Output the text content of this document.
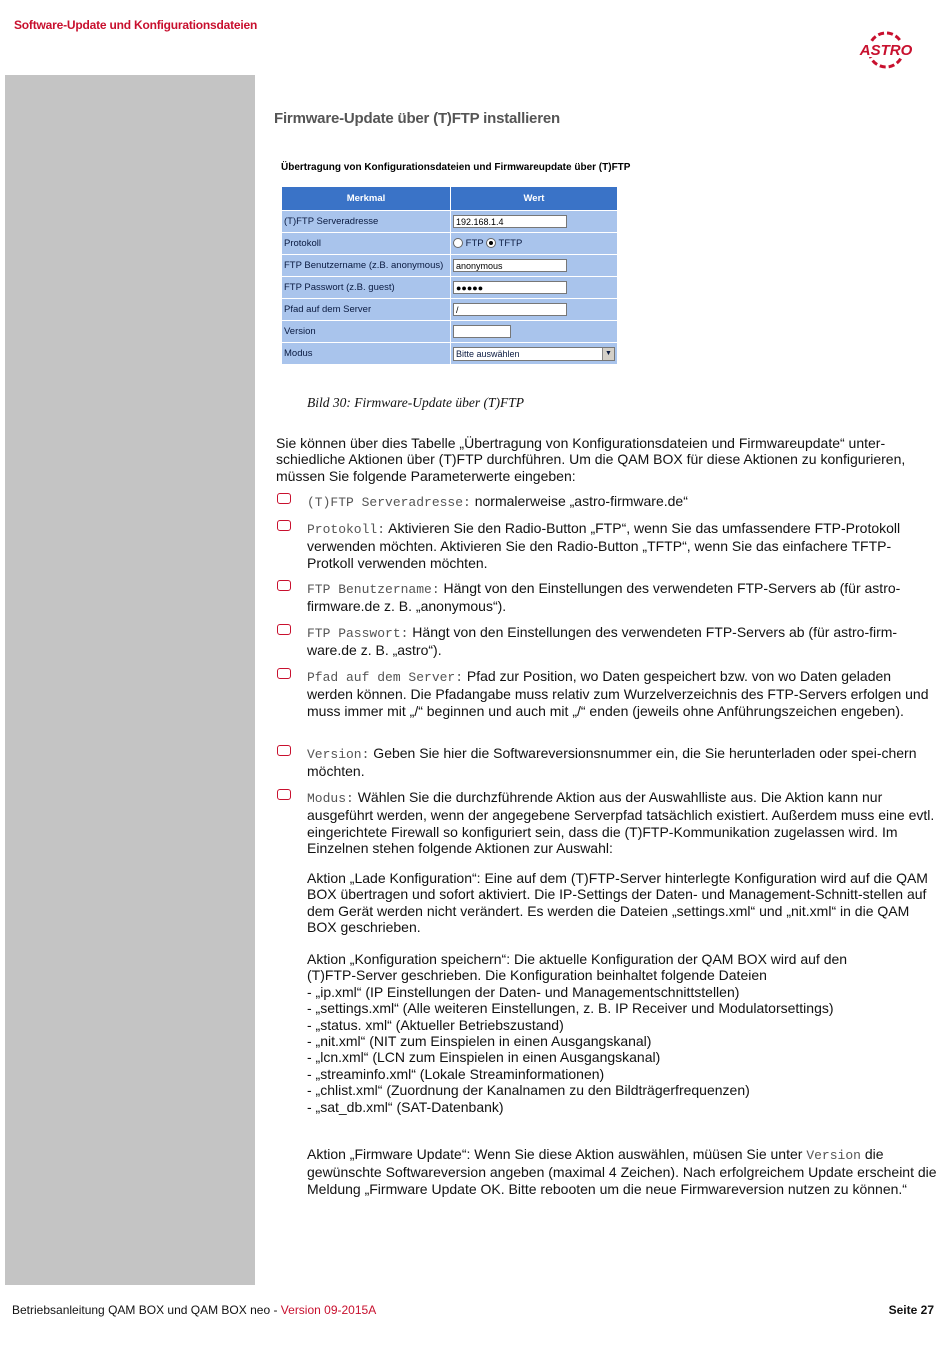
Software-Update und Konfigurationsdateien
ASTRO
Firmware-Update über (T)FTP installieren
Übertragung von Konfigurationsdateien und Firmwareupdate über (T)FTP
Merkmal	Wert
(T)FTP Serveradresse	192.168.1.4

Protokoll	FTP TFTP
FTP Benutzername (z.B. anonymous)	anonymous

FTP Passwort (z.B. guest)	●●●●●

Pfad auf dem Server	/

Version	

Modus	Bitte auswählen ▼
Bild 30: Firmware-Update über (T)FTP
Sie können über dies Tabelle „Übertragung von Konfigurationsdateien und Firmwareupdate“ unter-schiedliche Aktionen über (T)FTP durchführen. Um die QAM BOX für diese Aktionen zu konfigurieren, müssen Sie folgende Parameterwerte eingeben:
(T)FTP Serveradresse: normalerweise „astro-firmware.de“
Protokoll: Aktivieren Sie den Radio-Button „FTP“, wenn Sie das umfassendere FTP-Protokoll verwenden möchten. Aktivieren Sie den Radio-Button „TFTP“, wenn Sie das einfachere TFTP-Protkoll verwenden möchten.
FTP Benutzername: Hängt von den Einstellungen des verwendeten FTP-Servers ab (für astro-firmware.de z. B. „anonymous“).
FTP Passwort: Hängt von den Einstellungen des verwendeten FTP-Servers ab (für astro-firm-ware.de z. B. „astro“).
Pfad auf dem Server: Pfad zur Position, wo Daten gespeichert bzw. von wo Daten geladen werden können. Die Pfadangabe muss relativ zum Wurzelverzeichnis des FTP-Servers erfolgen und muss immer mit „/“ beginnen und auch mit „/“ enden (jeweils ohne Anführungszeichen engeben).
Version: Geben Sie hier die Softwareversionsnummer ein, die Sie herunterladen oder spei-chern möchten.
Modus: Wählen Sie die durchzführende Aktion aus der Auswahlliste aus. Die Aktion kann nur ausgeführt werden, wenn der angegebene Serverpfad tatsächlich existiert. Außerdem muss eine evtl. eingerichtete Firewall so konfiguriert sein, dass die (T)FTP-Kommunikation zugelassen wird. Im Einzelnen stehen folgende Aktionen zur Auswahl:
Aktion „Lade Konfiguration“: Eine auf dem (T)FTP-Server hinterlegte Konfiguration wird auf die QAM BOX übertragen und sofort aktiviert. Die IP-Settings der Daten- und Management-Schnitt-stellen auf dem Gerät werden nicht verändert. Es werden die Dateien „settings.xml“ und „nit.xml“ in die QAM BOX geschrieben.
Aktion „Konfiguration speichern“: Die aktuelle Konfiguration der QAM BOX wird auf den
(T)FTP-Server geschrieben. Die Konfiguration beinhaltet folgende Dateien
- „ip.xml“ (IP Einstellungen der Daten- und Managementschnittstellen)
- „settings.xml“ (Alle weiteren Einstellungen, z. B. IP Receiver und Modulatorsettings)
- „status. xml“ (Aktueller Betriebszustand)
- „nit.xml“ (NIT zum Einspielen in einen Ausgangskanal)
- „lcn.xml“ (LCN zum Einspielen in einen Ausgangskanal)
- „streaminfo.xml“ (Lokale Streaminformationen)
- „chlist.xml“ (Zuordnung der Kanalnamen zu den Bildträgerfrequenzen)
- „sat_db.xml“ (SAT-Datenbank)
Aktion „Firmware Update“: Wenn Sie diese Aktion auswählen, müüsen Sie unter Version die gewünschte Softwareversion angeben (maximal 4 Zeichen). Nach erfolgreichem Update erscheint die Meldung „Firmware Update OK. Bitte rebooten um die neue Firmwareversion nutzen zu können.“
Betriebsanleitung QAM BOX und QAM BOX neo - Version 09-2015A	Seite 27
